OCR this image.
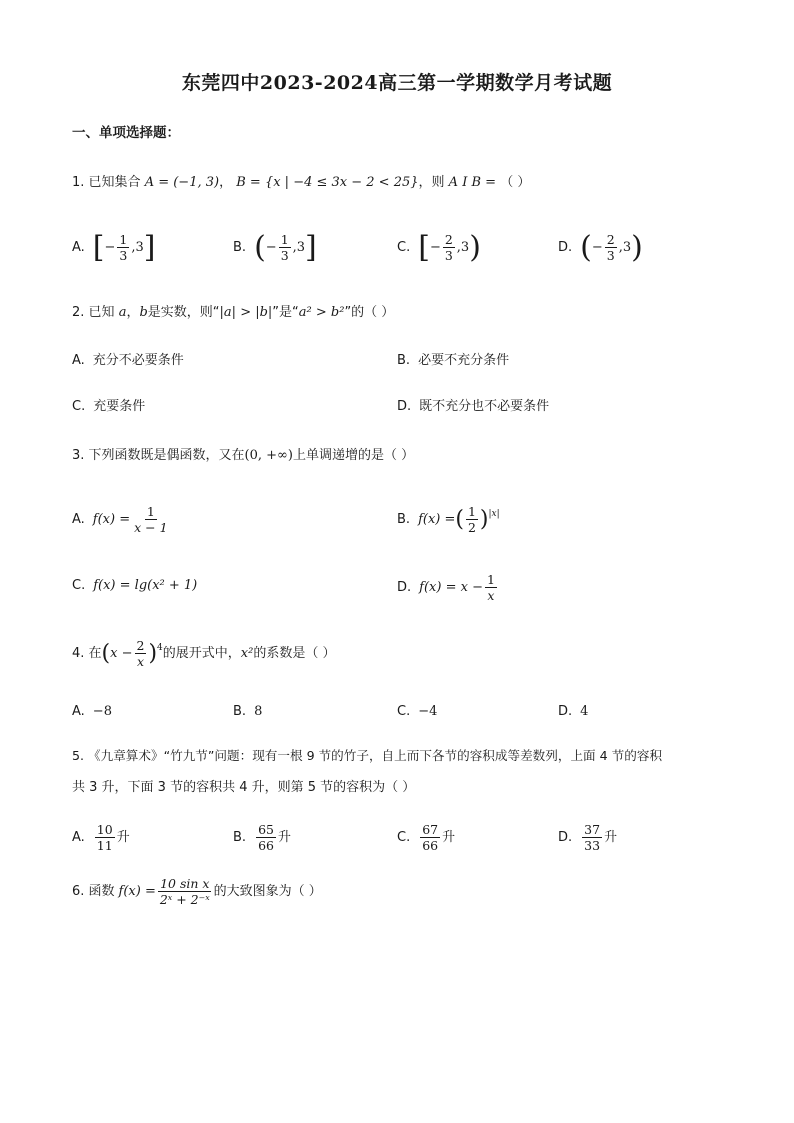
东莞四中2023-2024高三第一学期数学月考试题
一、单项选择题：
1. 已知集合 A = (−1, 3)， B = {x | −4 ≤ 3x − 2 < 25}，则 A I B = （ ）
A. [ − $\frac{1}{3} ,3$ ]	B. ( − $\frac{1}{3} ,3$ ]	C. [ − $\frac{2}{3} ,3$ )	D. ( − $\frac{2}{3} ,3$ )
2. 已知 a，b是实数，则“|a| > |b|”是“a² > b²”的（ ）
A. 充分不必要条件	B. 必要不充分条件
C. 充要条件	D. 既不充分也不必要条件
3. 下列函数既是偶函数，又在(0, +∞)上单调递增的是（ ）
A. $f(x) = \frac{1}{x - 1}$	B. f(x) = ( $\frac{1}{2} )^{|x|}$
C. f(x) = lg(x² + 1)	D. $f(x) = x - \frac{1}{x}$
4. 在 ( $x - \frac{2}{x} )^4$ 的展开式中， x² 的系数是（ ）
A. −8	B. 8	C. −4	D. 4
5. 《九章算术》“竹九节”问题：现有一根 9 节的竹子，自上而下各节的容积成等差数列，上面 4 节的容积
共 3 升，下面 3 节的容积共 4 升，则第 5 节的容积为（ ）
A. $\frac{10}{11}$ 升	B. $\frac{65}{66}$ 升	C. $\frac{67}{66}$ 升	D. $\frac{37}{33}$ 升
6. 函数 $f(x) = \frac{\text{10 sin x}}{\text{2ˣ + 2⁻ˣ}}$ 的大致图象为（ ）
